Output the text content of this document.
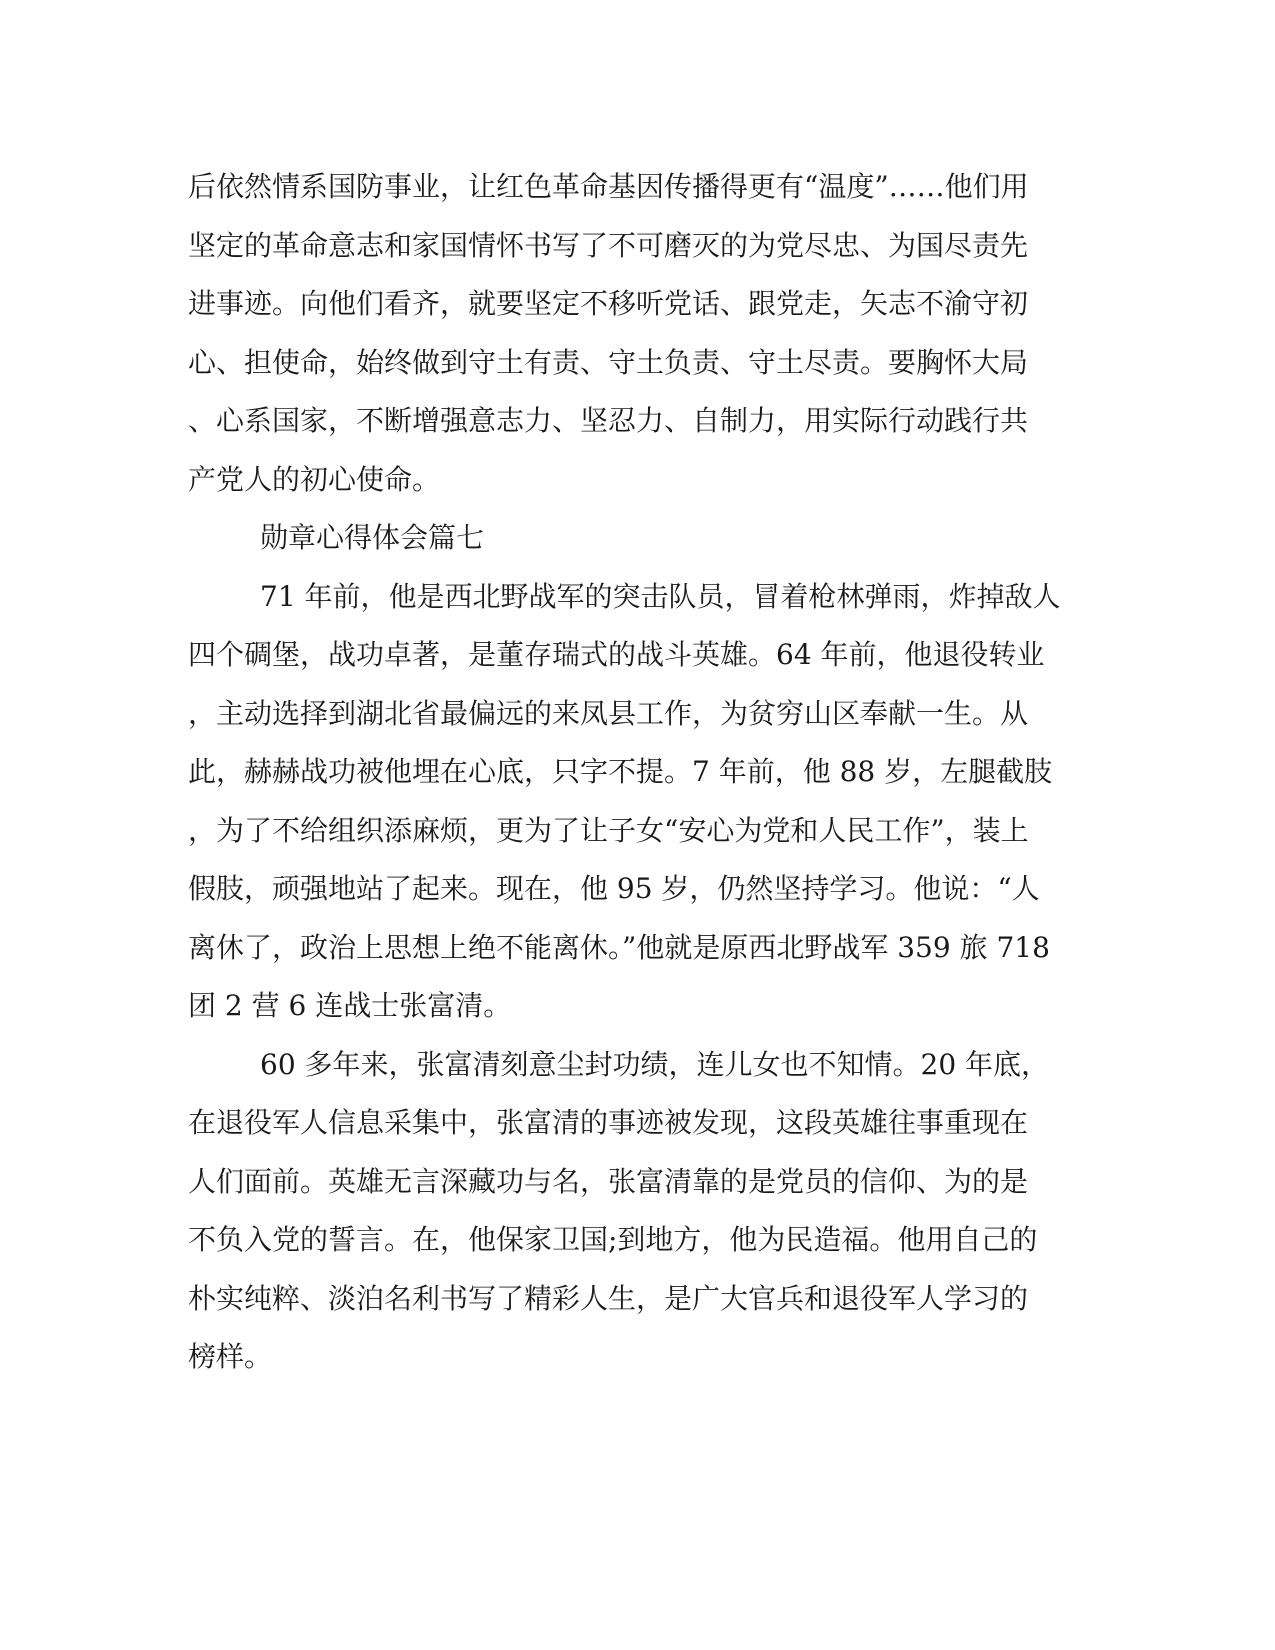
后依然情系国防事业，让红色革命基因传播得更有“温度”……他们用
坚定的革命意志和家国情怀书写了不可磨灭的为党尽忠、为国尽责先
进事迹。向他们看齐，就要坚定不移听党话、跟党走，矢志不渝守初
心、担使命，始终做到守土有责、守土负责、守土尽责。要胸怀大局
、心系国家，不断增强意志力、坚忍力、自制力，用实际行动践行共
产党人的初心使命。
勋章心得体会篇七
71 年前，他是西北野战军的突击队员，冒着枪林弹雨，炸掉敌人
四个碉堡，战功卓著，是董存瑞式的战斗英雄。64 年前，他退役转业
，主动选择到湖北省最偏远的来凤县工作，为贫穷山区奉献一生。从
此，赫赫战功被他埋在心底，只字不提。7 年前，他 88 岁，左腿截肢
，为了不给组织添麻烦，更为了让子女“安心为党和人民工作”，装上
假肢，顽强地站了起来。现在，他 95 岁，仍然坚持学习。他说：“人
离休了，政治上思想上绝不能离休。”他就是原西北野战军 359 旅 718
团 2 营 6 连战士张富清。
60 多年来，张富清刻意尘封功绩，连儿女也不知情。20 年底，
在退役军人信息采集中，张富清的事迹被发现，这段英雄往事重现在
人们面前。英雄无言深藏功与名，张富清靠的是党员的信仰、为的是
不负入党的誓言。在，他保家卫国;到地方，他为民造福。他用自己的
朴实纯粹、淡泊名利书写了精彩人生，是广大官兵和退役军人学习的
榜样。
